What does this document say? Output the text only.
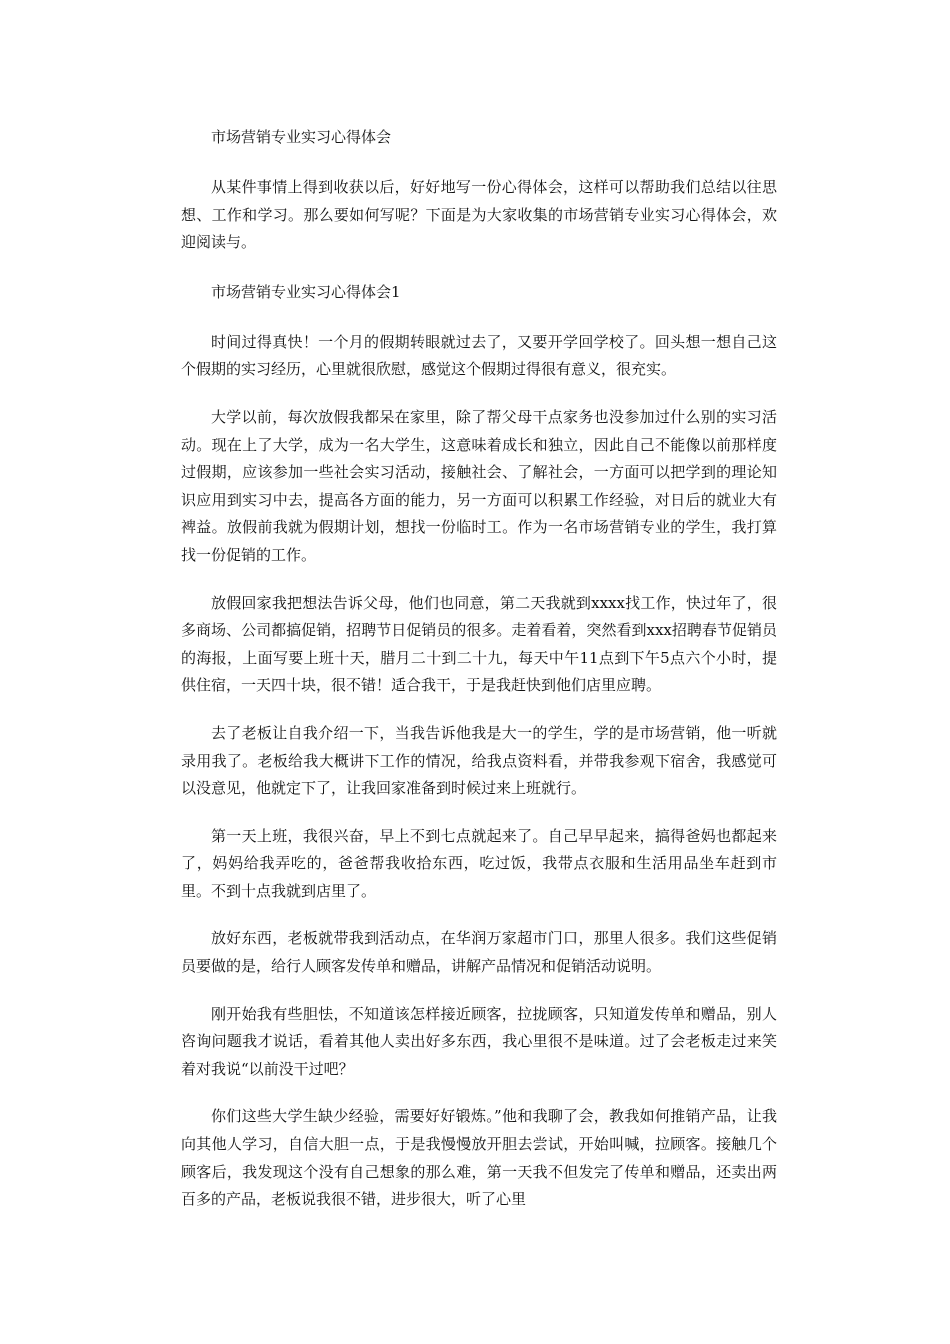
市场营销专业实习心得体会

从某件事情上得到收获以后，好好地写一份心得体会，这样可以帮助我们总结以往思想、工作和学习。那么要如何写呢？下面是为大家收集的市场营销专业实习心得体会，欢迎阅读与。

市场营销专业实习心得体会1

时间过得真快！一个月的假期转眼就过去了，又要开学回学校了。回头想一想自己这个假期的实习经历，心里就很欣慰，感觉这个假期过得很有意义，很充实。

大学以前，每次放假我都呆在家里，除了帮父母干点家务也没参加过什么别的实习活动。现在上了大学，成为一名大学生，这意味着成长和独立，因此自己不能像以前那样度过假期，应该参加一些社会实习活动，接触社会、了解社会，一方面可以把学到的理论知识应用到实习中去，提高各方面的能力，另一方面可以积累工作经验，对日后的就业大有裨益。放假前我就为假期计划，想找一份临时工。作为一名市场营销专业的学生，我打算找一份促销的工作。

放假回家我把想法告诉父母，他们也同意，第二天我就到xxxx找工作，快过年了，很多商场、公司都搞促销，招聘节日促销员的很多。走着看着，突然看到xxx招聘春节促销员的海报，上面写要上班十天，腊月二十到二十九，每天中午11点到下午5点六个小时，提供住宿，一天四十块，很不错！适合我干，于是我赶快到他们店里应聘。

去了老板让自我介绍一下，当我告诉他我是大一的学生，学的是市场营销，他一听就录用我了。老板给我大概讲下工作的情况，给我点资料看，并带我参观下宿舍，我感觉可以没意见，他就定下了，让我回家准备到时候过来上班就行。

第一天上班，我很兴奋，早上不到七点就起来了。自己早早起来，搞得爸妈也都起来了，妈妈给我弄吃的，爸爸帮我收拾东西，吃过饭，我带点衣服和生活用品坐车赶到市里。不到十点我就到店里了。

放好东西，老板就带我到活动点，在华润万家超市门口，那里人很多。我们这些促销员要做的是，给行人顾客发传单和赠品，讲解产品情况和促销活动说明。

刚开始我有些胆怯，不知道该怎样接近顾客，拉拢顾客，只知道发传单和赠品，别人咨询问题我才说话，看着其他人卖出好多东西，我心里很不是味道。过了会老板走过来笑着对我说“以前没干过吧？

你们这些大学生缺少经验，需要好好锻炼。”他和我聊了会，教我如何推销产品，让我向其他人学习，自信大胆一点，于是我慢慢放开胆去尝试，开始叫喊，拉顾客。接触几个顾客后，我发现这个没有自己想象的那么难，第一天我不但发完了传单和赠品，还卖出两百多的产品，老板说我很不错，进步很大，听了心里
